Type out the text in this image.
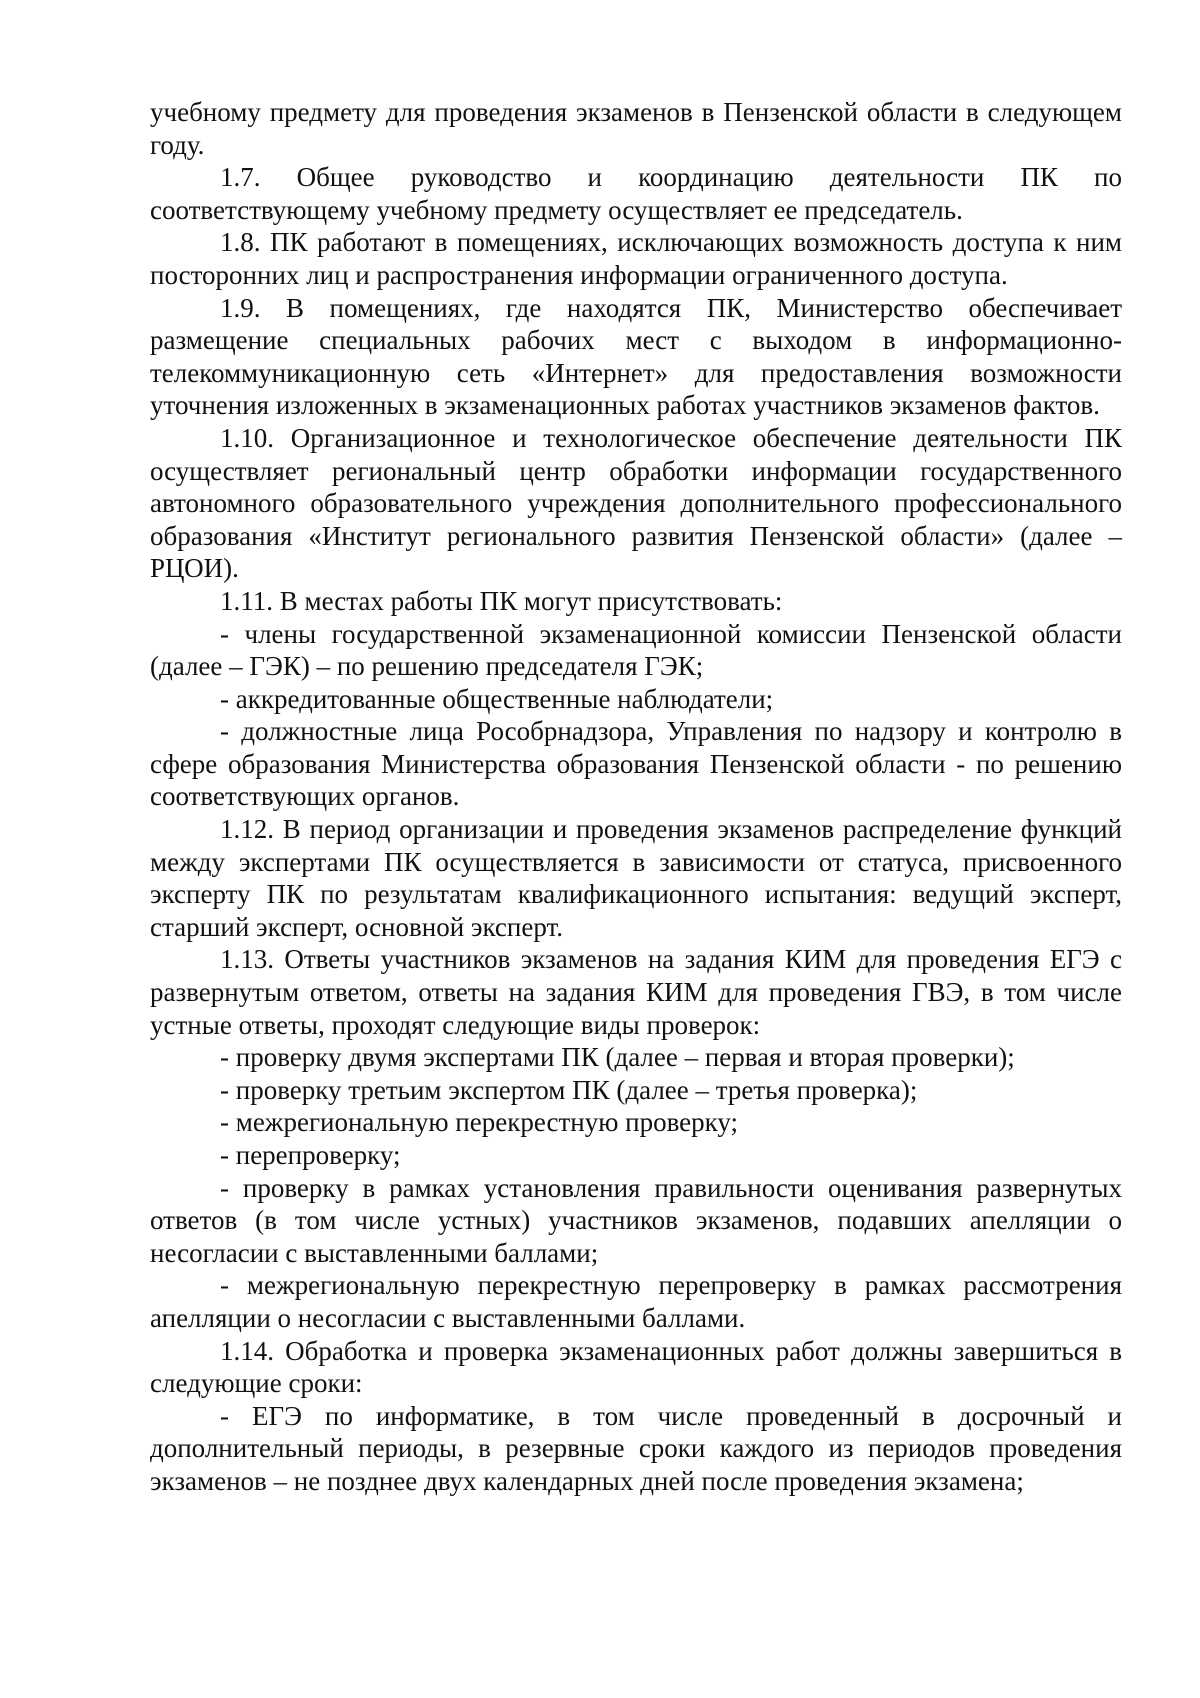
учебному предмету для проведения экзаменов в Пензенской области в следующем году.

1.7. Общее руководство и координацию деятельности ПК по соответствующему учебному предмету осуществляет ее председатель.

1.8. ПК работают в помещениях, исключающих возможность доступа к ним посторонних лиц и распространения информации ограниченного доступа.

1.9. В помещениях, где находятся ПК, Министерство обеспечивает размещение специальных рабочих мест с выходом в информационно-телекоммуникационную сеть «Интернет» для предоставления возможности уточнения изложенных в экзаменационных работах участников экзаменов фактов.

1.10. Организационное и технологическое обеспечение деятельности ПК осуществляет региональный центр обработки информации государственного автономного образовательного учреждения дополнительного профессионального образования «Институт регионального развития Пензенской области» (далее – РЦОИ).

1.11. В местах работы ПК могут присутствовать:

- члены государственной экзаменационной комиссии Пензенской области (далее – ГЭК) – по решению председателя ГЭК;

- аккредитованные общественные наблюдатели;

- должностные лица Рособрнадзора, Управления по надзору и контролю в сфере образования Министерства образования Пензенской области - по решению соответствующих органов.

1.12. В период организации и проведения экзаменов распределение функций между экспертами ПК осуществляется в зависимости от статуса, присвоенного эксперту ПК по результатам квалификационного испытания: ведущий эксперт, старший эксперт, основной эксперт.

1.13. Ответы участников экзаменов на задания КИМ для проведения ЕГЭ с развернутым ответом, ответы на задания КИМ для проведения ГВЭ, в том числе устные ответы, проходят следующие виды проверок:

- проверку двумя экспертами ПК (далее – первая и вторая проверки);

- проверку третьим экспертом ПК (далее – третья проверка);

- межрегиональную перекрестную проверку;

- перепроверку;

- проверку в рамках установления правильности оценивания развернутых ответов (в том числе устных) участников экзаменов, подавших апелляции о несогласии с выставленными баллами;

- межрегиональную перекрестную перепроверку в рамках рассмотрения апелляции о несогласии с выставленными баллами.

1.14. Обработка и проверка экзаменационных работ должны завершиться в следующие сроки:

- ЕГЭ по информатике, в том числе проведенный в досрочный и дополнительный периоды, в резервные сроки каждого из периодов проведения экзаменов – не позднее двух календарных дней после проведения экзамена;
